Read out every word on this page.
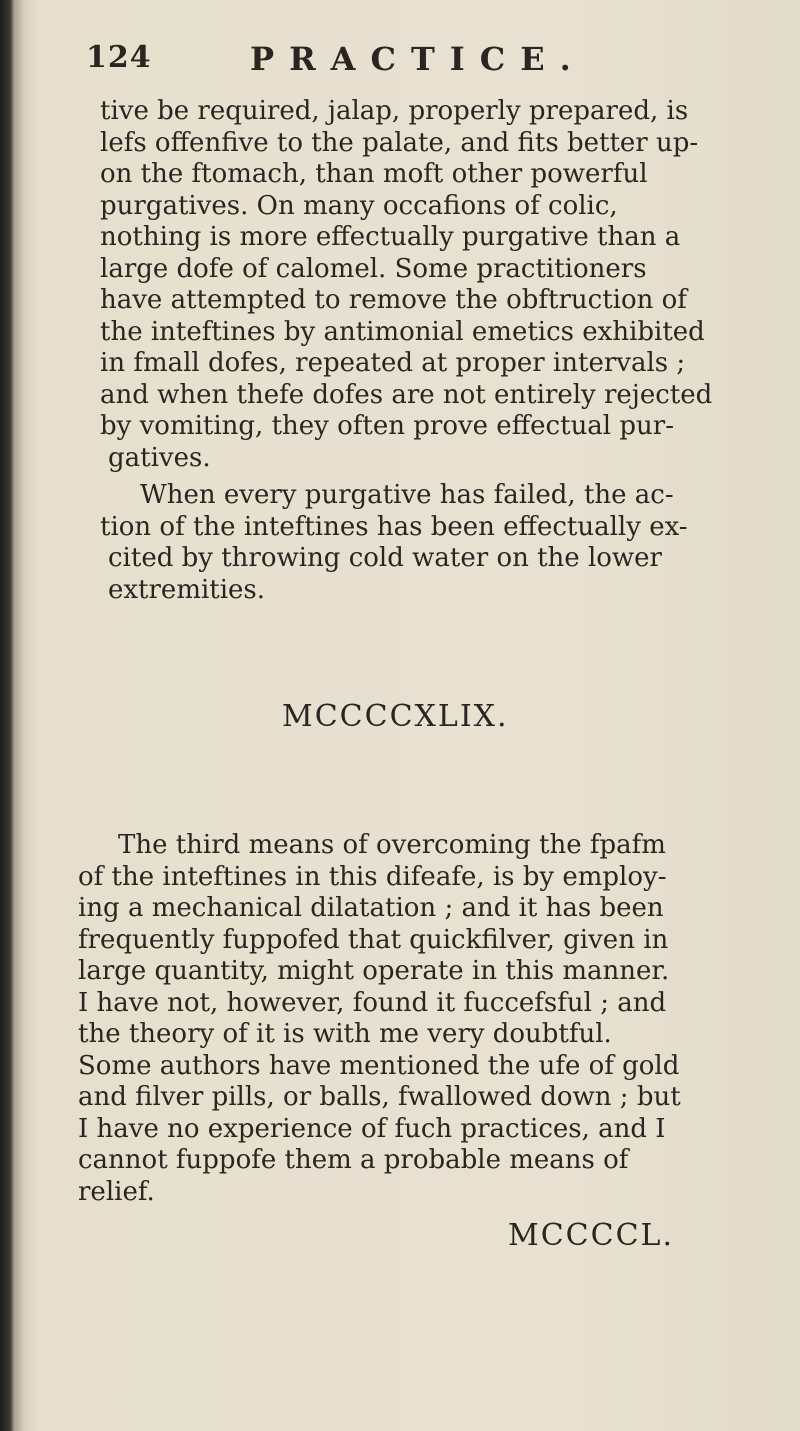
124	PRACTICE.
tive be required, jalap, properly prepared, is
lefs offenfive to the palate, and fits better up-
on the ftomach, than moft other powerful
purgatives. On many occafions of colic,
nothing is more effectually purgative than a
large dofe of calomel. Some practitioners
have attempted to remove the obftruction of
the inteftines by antimonial emetics exhibited
in fmall dofes, repeated at proper intervals ;
and when thefe dofes are not entirely rejected
by vomiting, they often prove effectual pur-
gatives.
When every purgative has failed, the ac-
tion of the inteftines has been effectually ex-
cited by throwing cold water on the lower
extremities.
MCCCCXLIX.
The third means of overcoming the fpafm
of the inteftines in this difeafe, is by employ-
ing a mechanical dilatation ; and it has been
frequently fuppofed that quickfilver, given in
large quantity, might operate in this manner.
I have not, however, found it fuccefsful ; and
the theory of it is with me very doubtful.
Some authors have mentioned the ufe of gold
and filver pills, or balls, fwallowed down ; but
I have no experience of fuch practices, and I
cannot fuppofe them a probable means of
relief.
MCCCCL.
